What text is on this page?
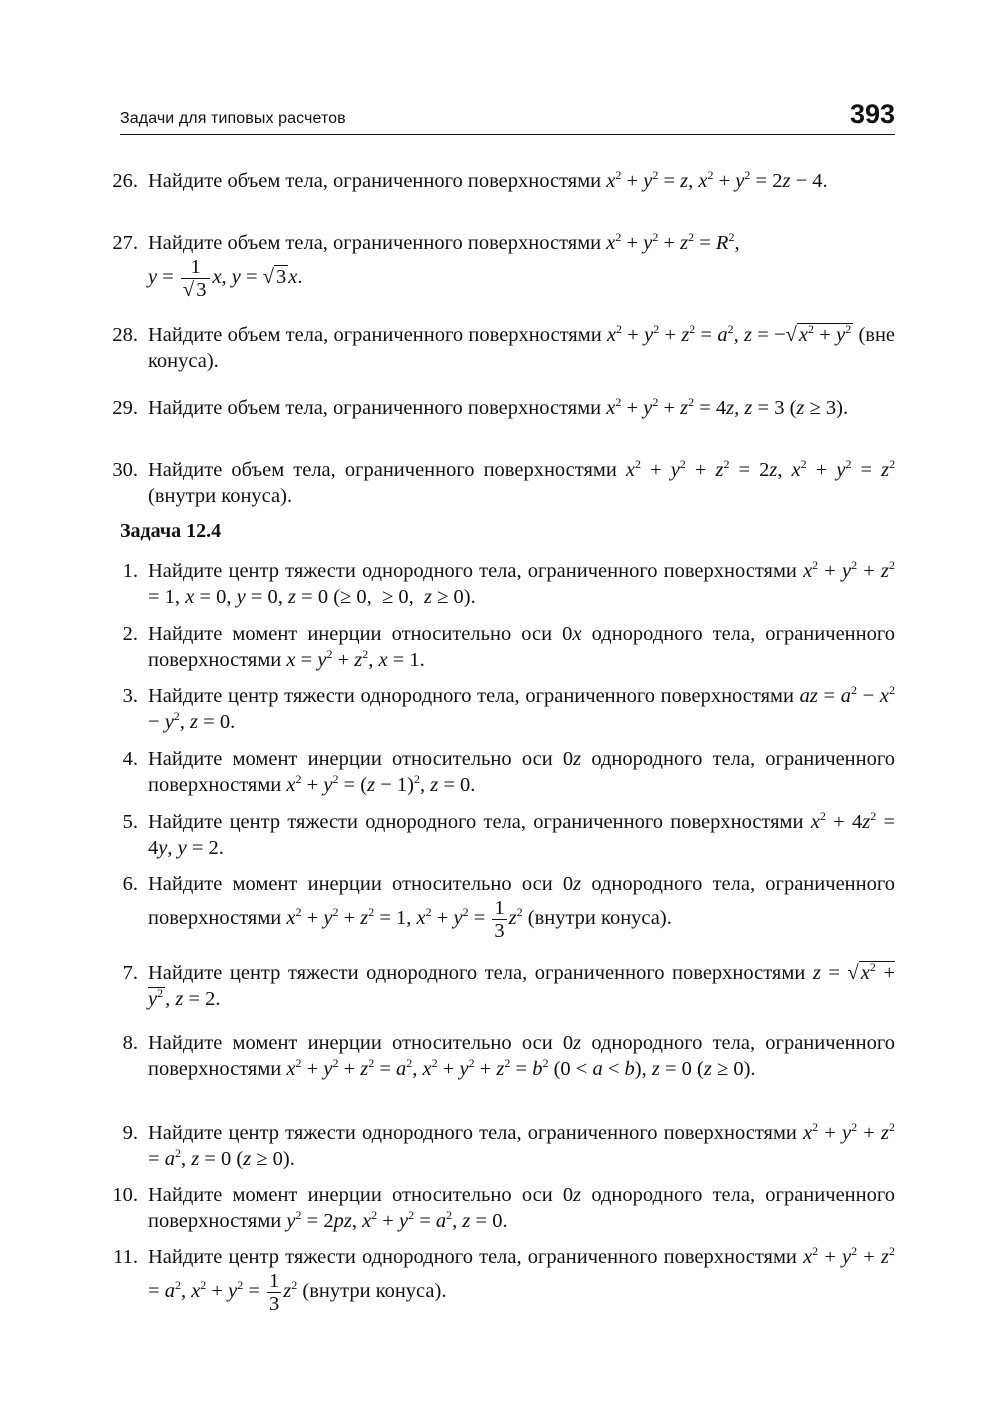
Задачи для типовых расчетов	393
26. Найдите объем тела, ограниченного поверхностями $x^2 + y^2 = z$, $x^2 + y^2 = 2z - 4$.
27. Найдите объем тела, ограниченного поверхностями $x^2 + y^2 + z^2 = R^2$,
$y = \frac{1}{√3} x$, y = √3x.
28. Найдите объем тела, ограниченного поверхностями $x^2 + y^2 + z^2 = a^2$, $z = -√x^2 + y^2$ (вне конуса).
29. Найдите объем тела, ограниченного поверхностями $x^2 + y^2 + z^2 = 4z$, z = 3 (z ≥ 3).
30. Найдите объем тела, ограниченного поверхностями $x^2 + y^2 + z^2 = 2z$, $x^2 + y^2 = z^2$ (внутри конуса).
Задача 12.4
1. Найдите центр тяжести однородного тела, ограниченного поверхностями $x^2 + y^2 + z^2 = 1$, x = 0, y = 0, z = 0 (≥ 0,  ≥ 0,  z ≥ 0).
2. Найдите момент инерции относительно оси 0x однородного тела, ограниченного поверхностями $x = y^2 + z^2$, x = 1.
3. Найдите центр тяжести однородного тела, ограниченного поверхностями az = $a^2 - x^2 - y^2$, z = 0.
4. Найдите момент инерции относительно оси 0z однородного тела, ограниченного поверхностями $x^2 + y^2 = (z - 1)^2$, z = 0.
5. Найдите центр тяжести однородного тела, ограниченного поверхностями $x^2 + 4z^2 = 4y$, y = 2.
6. Найдите момент инерции относительно оси 0z однородного тела, ограниченного поверхностями $x^2 + y^2 + z^2 = 1$, $x^2 + y^2 = \frac{1}{3} z^2$ (внутри конуса).
7. Найдите центр тяжести однородного тела, ограниченного поверхностями $z = √x^2 + y^2$, z = 2.
8. Найдите момент инерции относительно оси 0z однородного тела, ограниченного поверхностями $x^2 + y^2 + z^2 = a^2$, $x^2 + y^2 + z^2 = b^2$ (0 < a < b), z = 0 (z ≥ 0).
9. Найдите центр тяжести однородного тела, ограниченного поверхностями $x^2 + y^2 + z^2 = a^2$, z = 0 (z ≥ 0).
10. Найдите момент инерции относительно оси 0z однородного тела, ограниченного поверхностями $y^2 = 2pz$, $x^2 + y^2 = a^2$, z = 0.
11. Найдите центр тяжести однородного тела, ограниченного поверхностями $x^2 + y^2 + z^2 = a^2$, $x^2 + y^2 = \frac{1}{3} z^2$ (внутри конуса).
